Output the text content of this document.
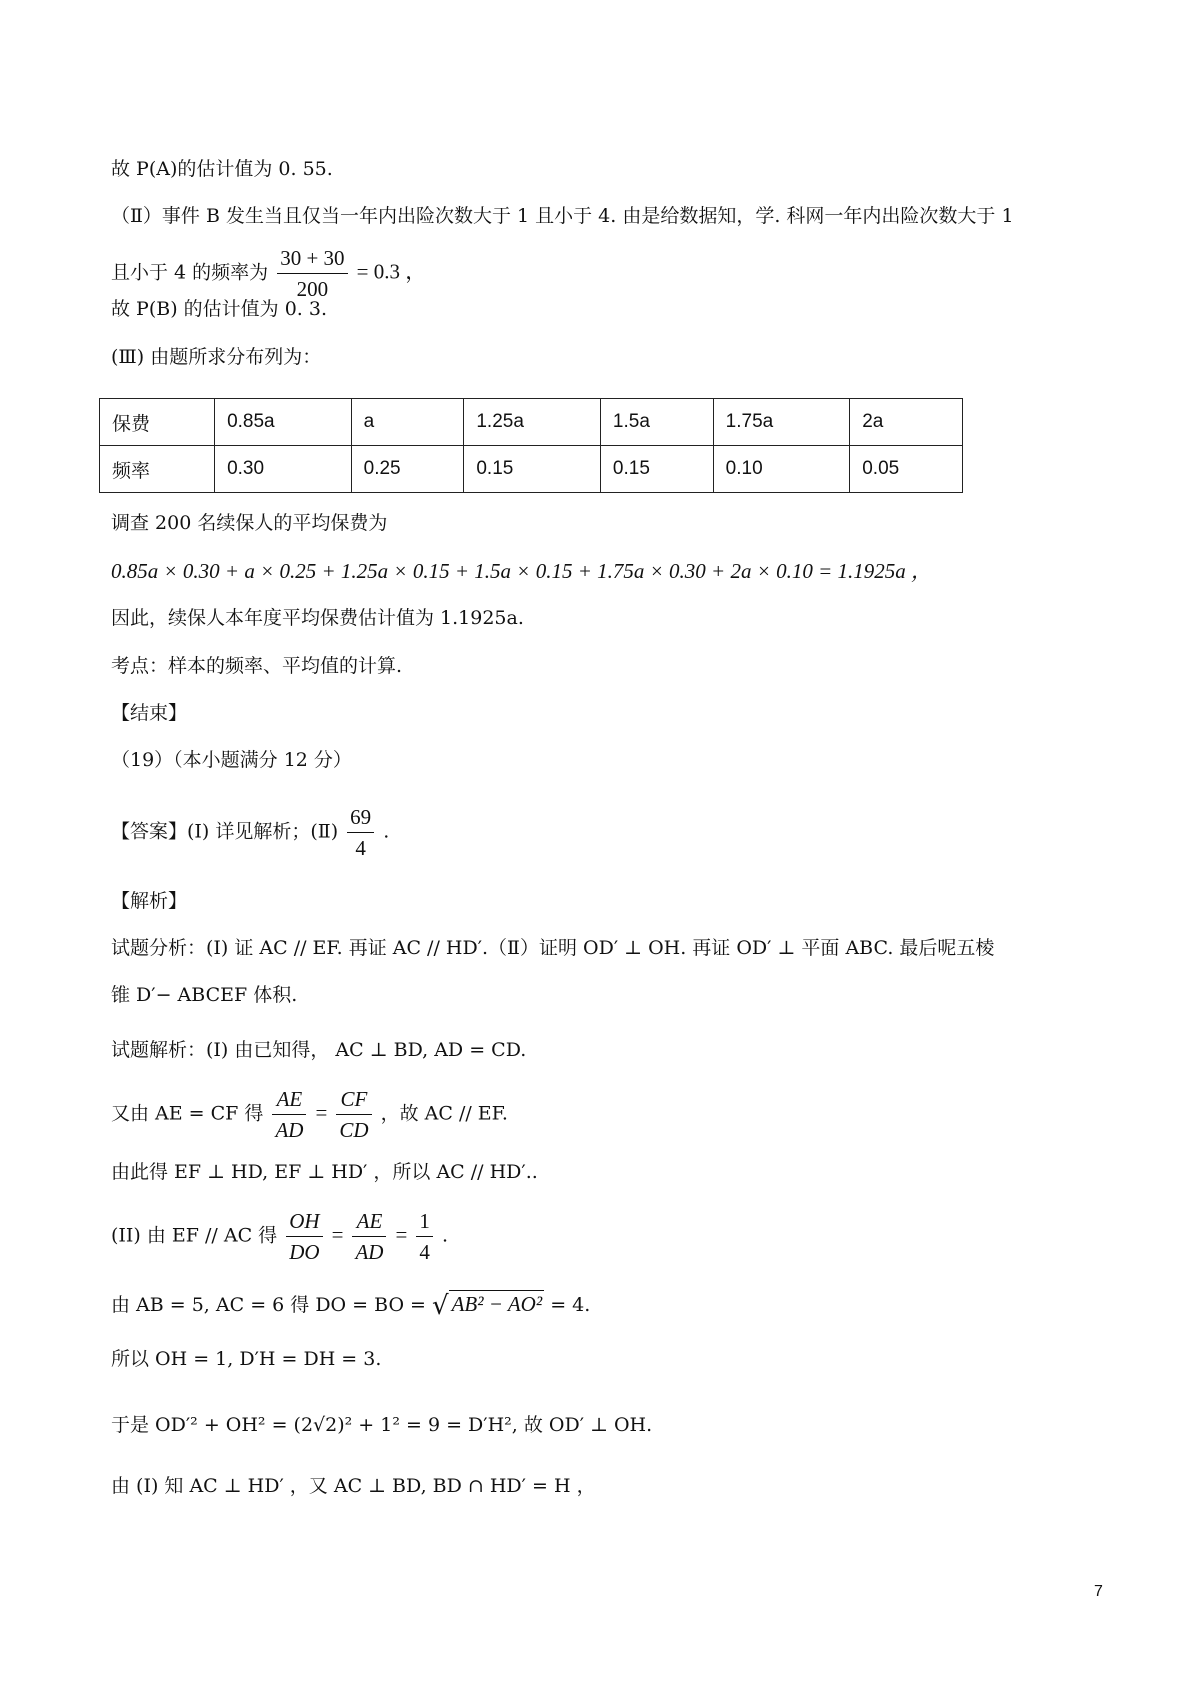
故 P(A)的估计值为 0. 55.
（Ⅱ）事件 B 发生当且仅当一年内出险次数大于 1 且小于 4. 由是给数据知，学. 科网一年内出险次数大于 1
且小于 4 的频率为 $\frac{30 + 30}{200} = 0.3$ ，
故 P(B) 的估计值为 0. 3.
(Ⅲ) 由题所求分布列为：
保费	0.85a	a	1.25a	1.5a	1.75a	2a
频率	0.30	0.25	0.15	0.15	0.10	0.05
调查 200 名续保人的平均保费为
0.85a × 0.30 + a × 0.25 + 1.25a × 0.15 + 1.5a × 0.15 + 1.75a × 0.30 + 2a × 0.10 = 1.1925a ，
因此，续保人本年度平均保费估计值为 1.1925a.
考点：样本的频率、平均值的计算.
【结束】
（19）（本小题满分 12 分）
【答案】(Ⅰ) 详见解析；(Ⅱ) $\frac{69}{4}$ .
【解析】
试题分析：(Ⅰ) 证 AC // EF. 再证 AC // HD′.（Ⅱ）证明 OD′ ⊥ OH. 再证 OD′ ⊥ 平面 ABC. 最后呢五棱
锥 D′− ABCEF 体积.
试题解析：(I) 由已知得， AC ⊥ BD, AD = CD.
又由 AE = CF 得 $\frac{AE}{AD} = \frac{CF}{CD}$ ，故 AC // EF.
由此得 EF ⊥ HD, EF ⊥ HD′ ，所以 AC // HD′..
(II) 由 EF // AC 得 $\frac{OH}{DO} = \frac{AE}{AD} = \frac{1}{4}$ .
由 AB = 5, AC = 6 得 DO = BO = √ AB² − AO² = 4.
所以 OH = 1, D′H = DH = 3.
于是 OD′² + OH² = (2√2)² + 1² = 9 = D′H², 故 OD′ ⊥ OH.
由 (I) 知 AC ⊥ HD′ ，又 AC ⊥ BD, BD ∩ HD′ = H ，
7
